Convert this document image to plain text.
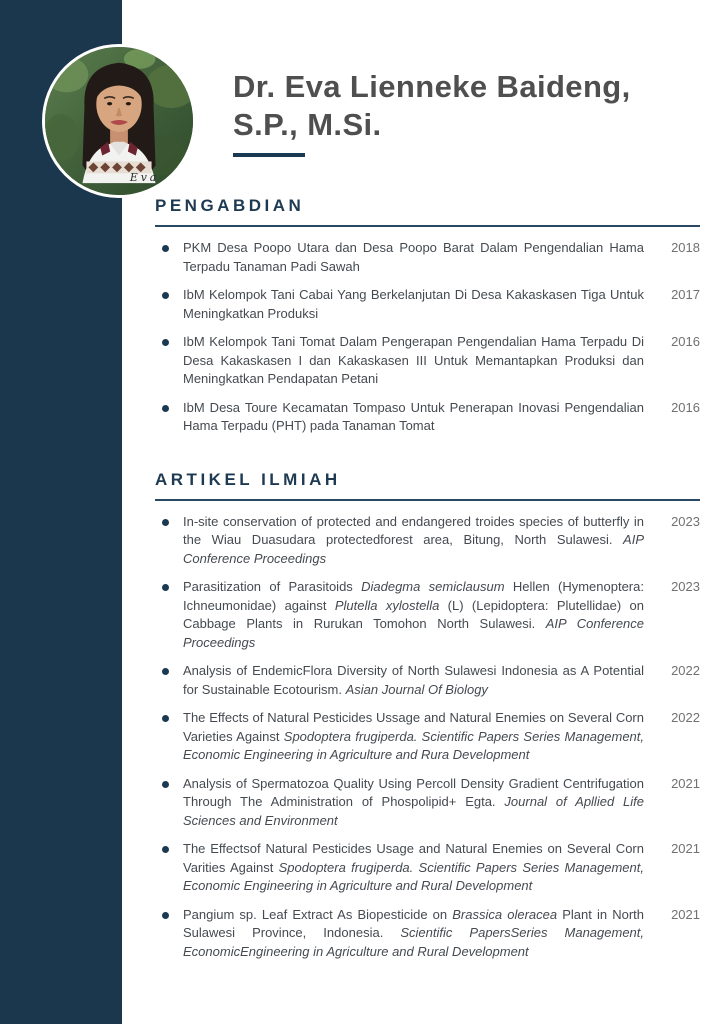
Eva
Dr. Eva Lienneke Baideng,
S.P., M.Si.
PENGABDIAN
PKM Desa Poopo Utara dan Desa Poopo Barat Dalam Pengendalian Hama Terpadu Tanaman Padi Sawah
2018
IbM Kelompok Tani Cabai Yang Berkelanjutan Di Desa Kakaskasen Tiga Untuk Meningkatkan Produksi
2017
IbM Kelompok Tani Tomat Dalam Pengerapan Pengendalian Hama Terpadu Di Desa Kakaskasen I dan Kakaskasen III Untuk Memantapkan Produksi dan Meningkatkan Pendapatan Petani
2016
IbM Desa Toure Kecamatan Tompaso Untuk Penerapan Inovasi Pengendalian Hama Terpadu (PHT) pada Tanaman Tomat
2016
ARTIKEL ILMIAH
In-site conservation of protected and endangered troides species of butterfly in the Wiau Duasudara protectedforest area, Bitung, North Sulawesi. AIP Conference Proceedings
2023
Parasitization of Parasitoids Diadegma semiclausum Hellen (Hymenoptera: Ichneumonidae) against Plutella xylostella (L) (Lepidoptera: Plutellidae) on Cabbage Plants in Rurukan Tomohon North Sulawesi. AIP Conference Proceedings
2023
Analysis of EndemicFlora Diversity of North Sulawesi Indonesia as A Potential for Sustainable Ecotourism. Asian Journal Of Biology
2022
The Effects of Natural Pesticides Ussage and Natural Enemies on Several Corn Varieties Against Spodoptera frugiperda. Scientific Papers Series Management, Economic Engineering in Agriculture and Rura Development
2022
Analysis of Spermatozoa Quality Using Percoll Density Gradient Centrifugation Through The Administration of Phospolipid+ Egta. Journal of Apllied Life Sciences and Environment
2021
The Effectsof Natural Pesticides Usage and Natural Enemies on Several Corn Varities Against Spodoptera frugiperda. Scientific Papers Series Management, Economic Engineering in Agriculture and Rural Development
2021
Pangium sp. Leaf Extract As Biopesticide on Brassica oleracea Plant in North Sulawesi Province, Indonesia. Scientific PapersSeries Management, EconomicEngineering in Agriculture and Rural Development
2021
